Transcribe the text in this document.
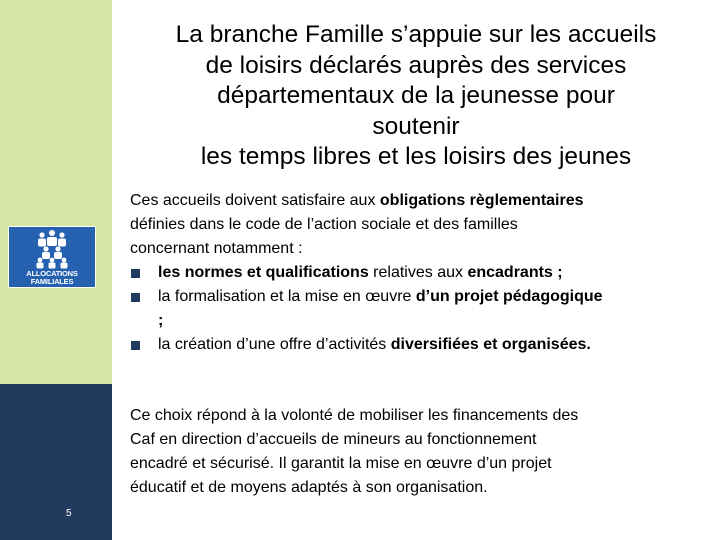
ALLOCATIONS
FAMILIALES
5
La branche Famille s’appuie sur les accueils
de loisirs déclarés auprès des services
départementaux de la jeunesse pour
soutenir
les temps libres et les loisirs des jeunes
Ces accueils doivent satisfaire aux obligations règlementaires
définies dans le code de l’action sociale et des familles
concernant notamment :
les normes et qualifications relatives aux encadrants ;
la formalisation et la mise en œuvre d’un projet pédagogique
;
la création d’une offre d’activités diversifiées et organisées.
Ce choix répond à la volonté de mobiliser les financements des
Caf en direction d’accueils de mineurs au fonctionnement
encadré et sécurisé. Il garantit la mise en œuvre d’un projet
éducatif et de moyens adaptés à son organisation.
